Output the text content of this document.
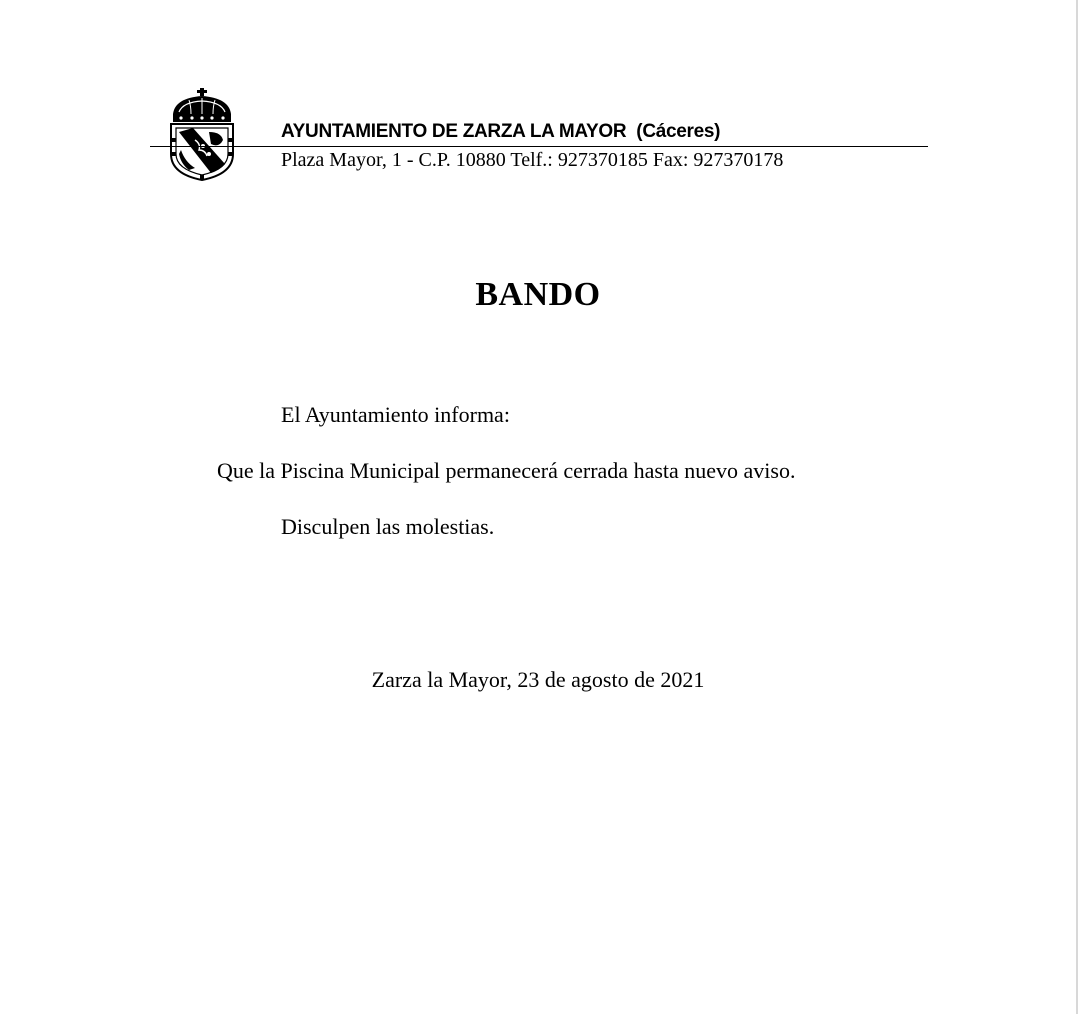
AYUNTAMIENTO DE ZARZA LA MAYOR  (Cáceres)
Plaza Mayor, 1 - C.P. 10880 Telf.: 927370185 Fax: 927370178
BANDO
El Ayuntamiento informa:
Que la Piscina Municipal permanecerá cerrada hasta nuevo aviso.
Disculpen las molestias.
Zarza la Mayor, 23 de agosto de 2021
